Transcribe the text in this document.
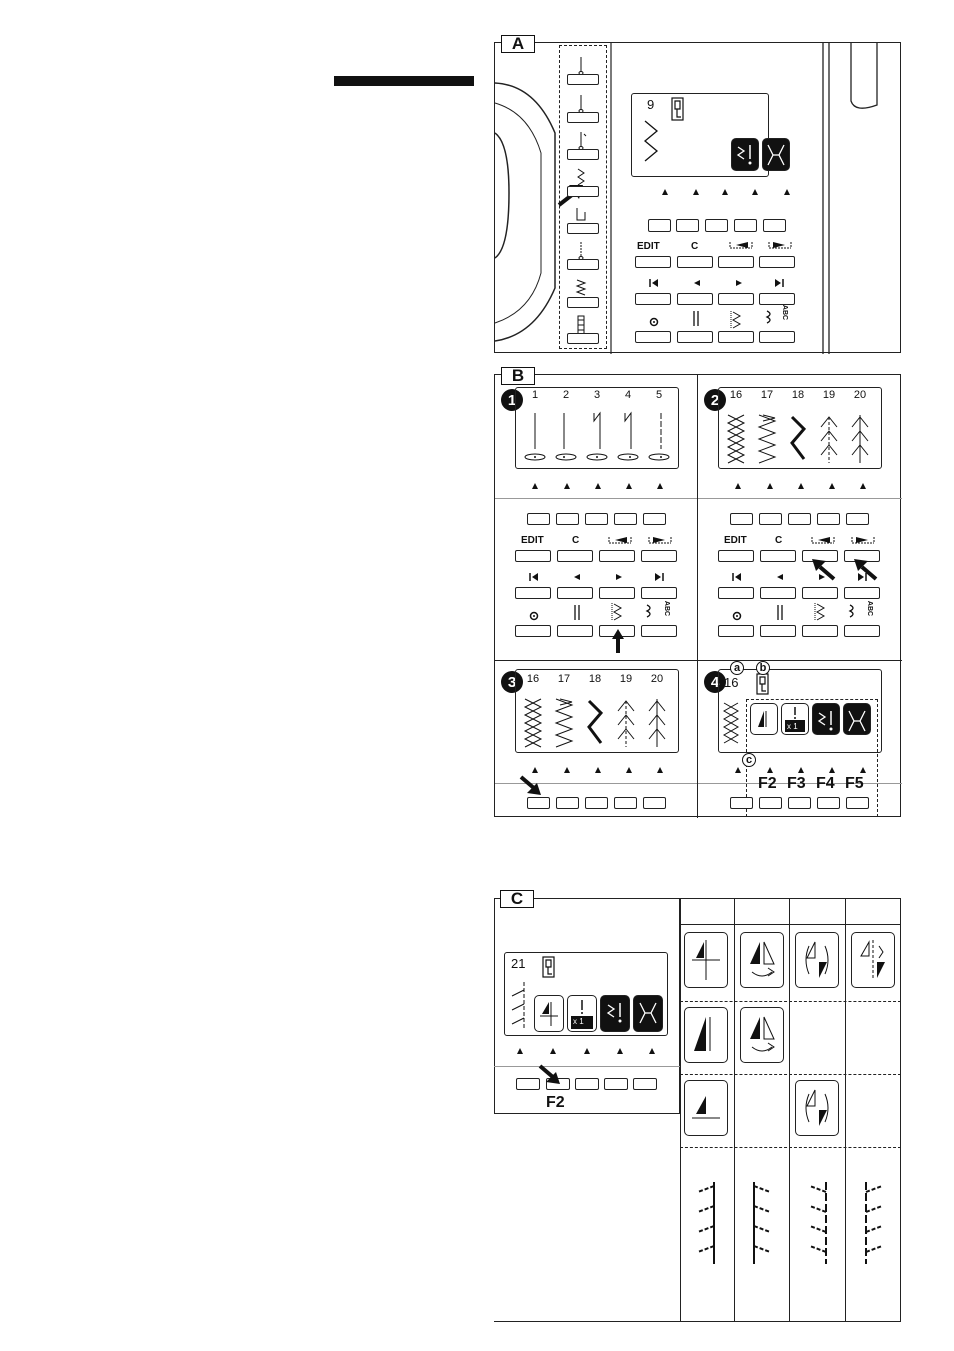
A
9
EDIT	C
ABC
B
1	1	2	3	4	5
EDIT	C
ABC
2 16	17	18	19	20
EDIT	C
ABC
3 16	17	18	19	20	4 16
a	b
x 1
c
F2 F3 F4 F5
C
21
x 1
F2
